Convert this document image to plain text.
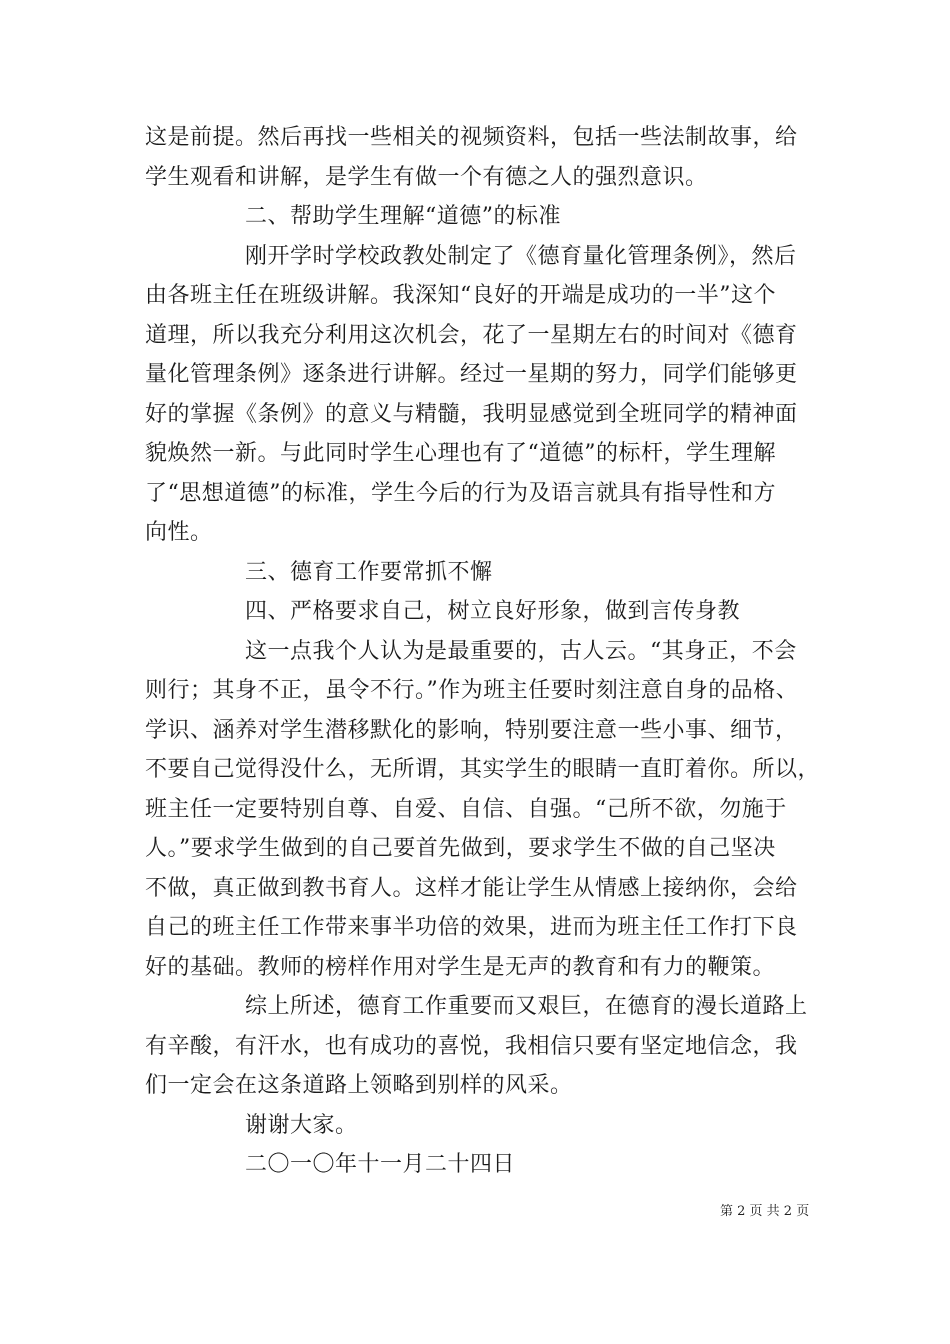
这是前提。然后再找一些相关的视频资料，包括一些法制故事，给
学生观看和讲解，是学生有做一个有德之人的强烈意识。
二、帮助学生理解“道德”的标准
刚开学时学校政教处制定了《德育量化管理条例》，然后
由各班主任在班级讲解。我深知“良好的开端是成功的一半”这个
道理，所以我充分利用这次机会，花了一星期左右的时间对《德育
量化管理条例》逐条进行讲解。经过一星期的努力，同学们能够更
好的掌握《条例》的意义与精髓，我明显感觉到全班同学的精神面
貌焕然一新。与此同时学生心理也有了“道德”的标杆，学生理解
了“思想道德”的标准，学生今后的行为及语言就具有指导性和方
向性。
三、德育工作要常抓不懈
四、严格要求自己，树立良好形象，做到言传身教
这一点我个人认为是最重要的，古人云。“其身正，不会
则行；其身不正，虽令不行。”作为班主任要时刻注意自身的品格、
学识、涵养对学生潜移默化的影响，特别要注意一些小事、细节，
不要自己觉得没什么，无所谓，其实学生的眼睛一直盯着你。所以，
班主任一定要特别自尊、自爱、自信、自强。“己所不欲，勿施于
人。”要求学生做到的自己要首先做到，要求学生不做的自己坚决
不做，真正做到教书育人。这样才能让学生从情感上接纳你，会给
自己的班主任工作带来事半功倍的效果，进而为班主任工作打下良
好的基础。教师的榜样作用对学生是无声的教育和有力的鞭策。
综上所述，德育工作重要而又艰巨，在德育的漫长道路上
有辛酸，有汗水，也有成功的喜悦，我相信只要有坚定地信念，我
们一定会在这条道路上领略到别样的风采。
谢谢大家。
二〇一〇年十一月二十四日
第 2 页 共 2 页
